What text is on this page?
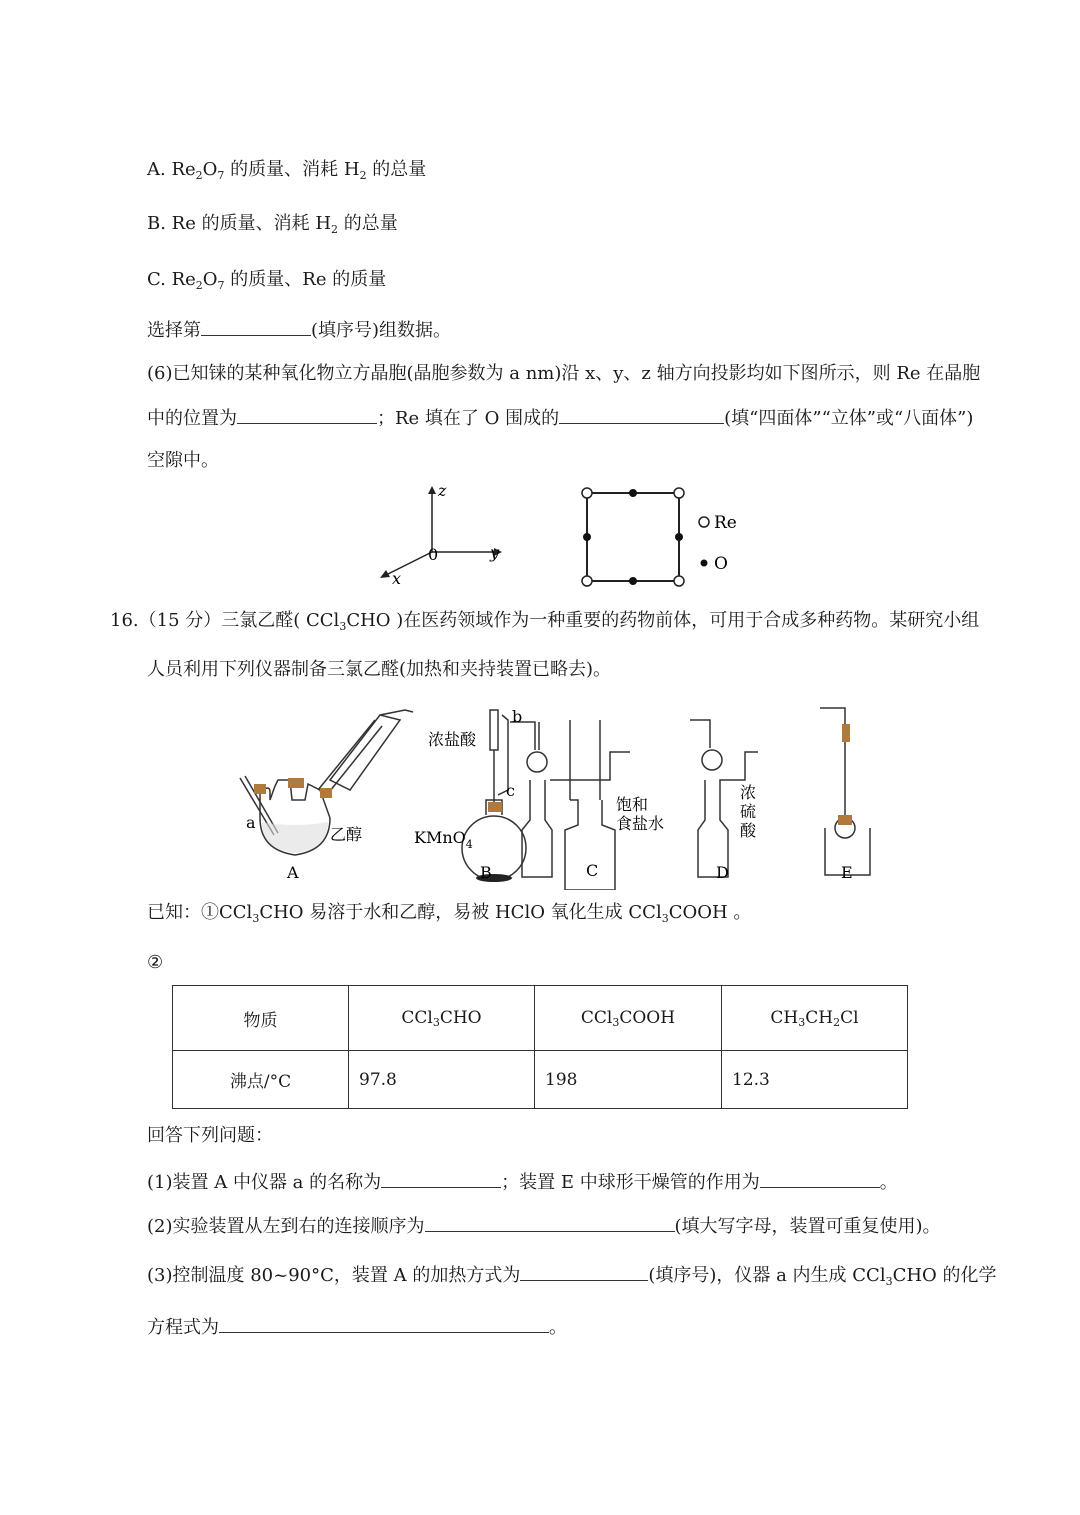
A. $Re_2O_7$ 的质量、消耗 $H_2$ 的总量
B. Re 的质量、消耗 $H_2$ 的总量
C. $Re_2O_7$ 的质量、Re 的质量
选择第	(填序号)组数据。
(6)已知铼的某种氧化物立方晶胞(晶胞参数为 a nm)沿 x、y、z 轴方向投影均如下图所示，则 Re 在晶胞
中的位置为	；Re 填在了 O 围成的	(填“四面体”“立体”或“八面体”)
空隙中。
16.（15 分）三氯乙醛( CCl$_3$CHO )在医药领域作为一种重要的药物前体，可用于合成多种药物。某研究小组
人员利用下列仪器制备三氯乙醛(加热和夹持装置已略去)。
已知：①CCl$_3$CHO 易溶于水和乙醇，易被 HClO 氧化生成 CCl$_3$COOH 。
②
回答下列问题：
(1)装置 A 中仪器 a 的名称为	；装置 E 中球形干燥管的作用为	。
(2)实验装置从左到右的连接顺序为	(填大写字母，装置可重复使用)。
(3)控制温度 80~90°C，装置 A 的加热方式为	(填序号)，仪器 a 内生成 CCl$_3$CHO 的化学
方程式为	。
z
y
x
0
Re
O
a
乙醇
b
c
浓盐酸
KMnO$_4$
饱和
食盐水
浓
硫
酸
A	B	C	D	E
物质	CCl$_3$CHO	CCl$_3$COOH	$CH_3CH_2Cl$
沸点/°C	97.8	198	12.3
